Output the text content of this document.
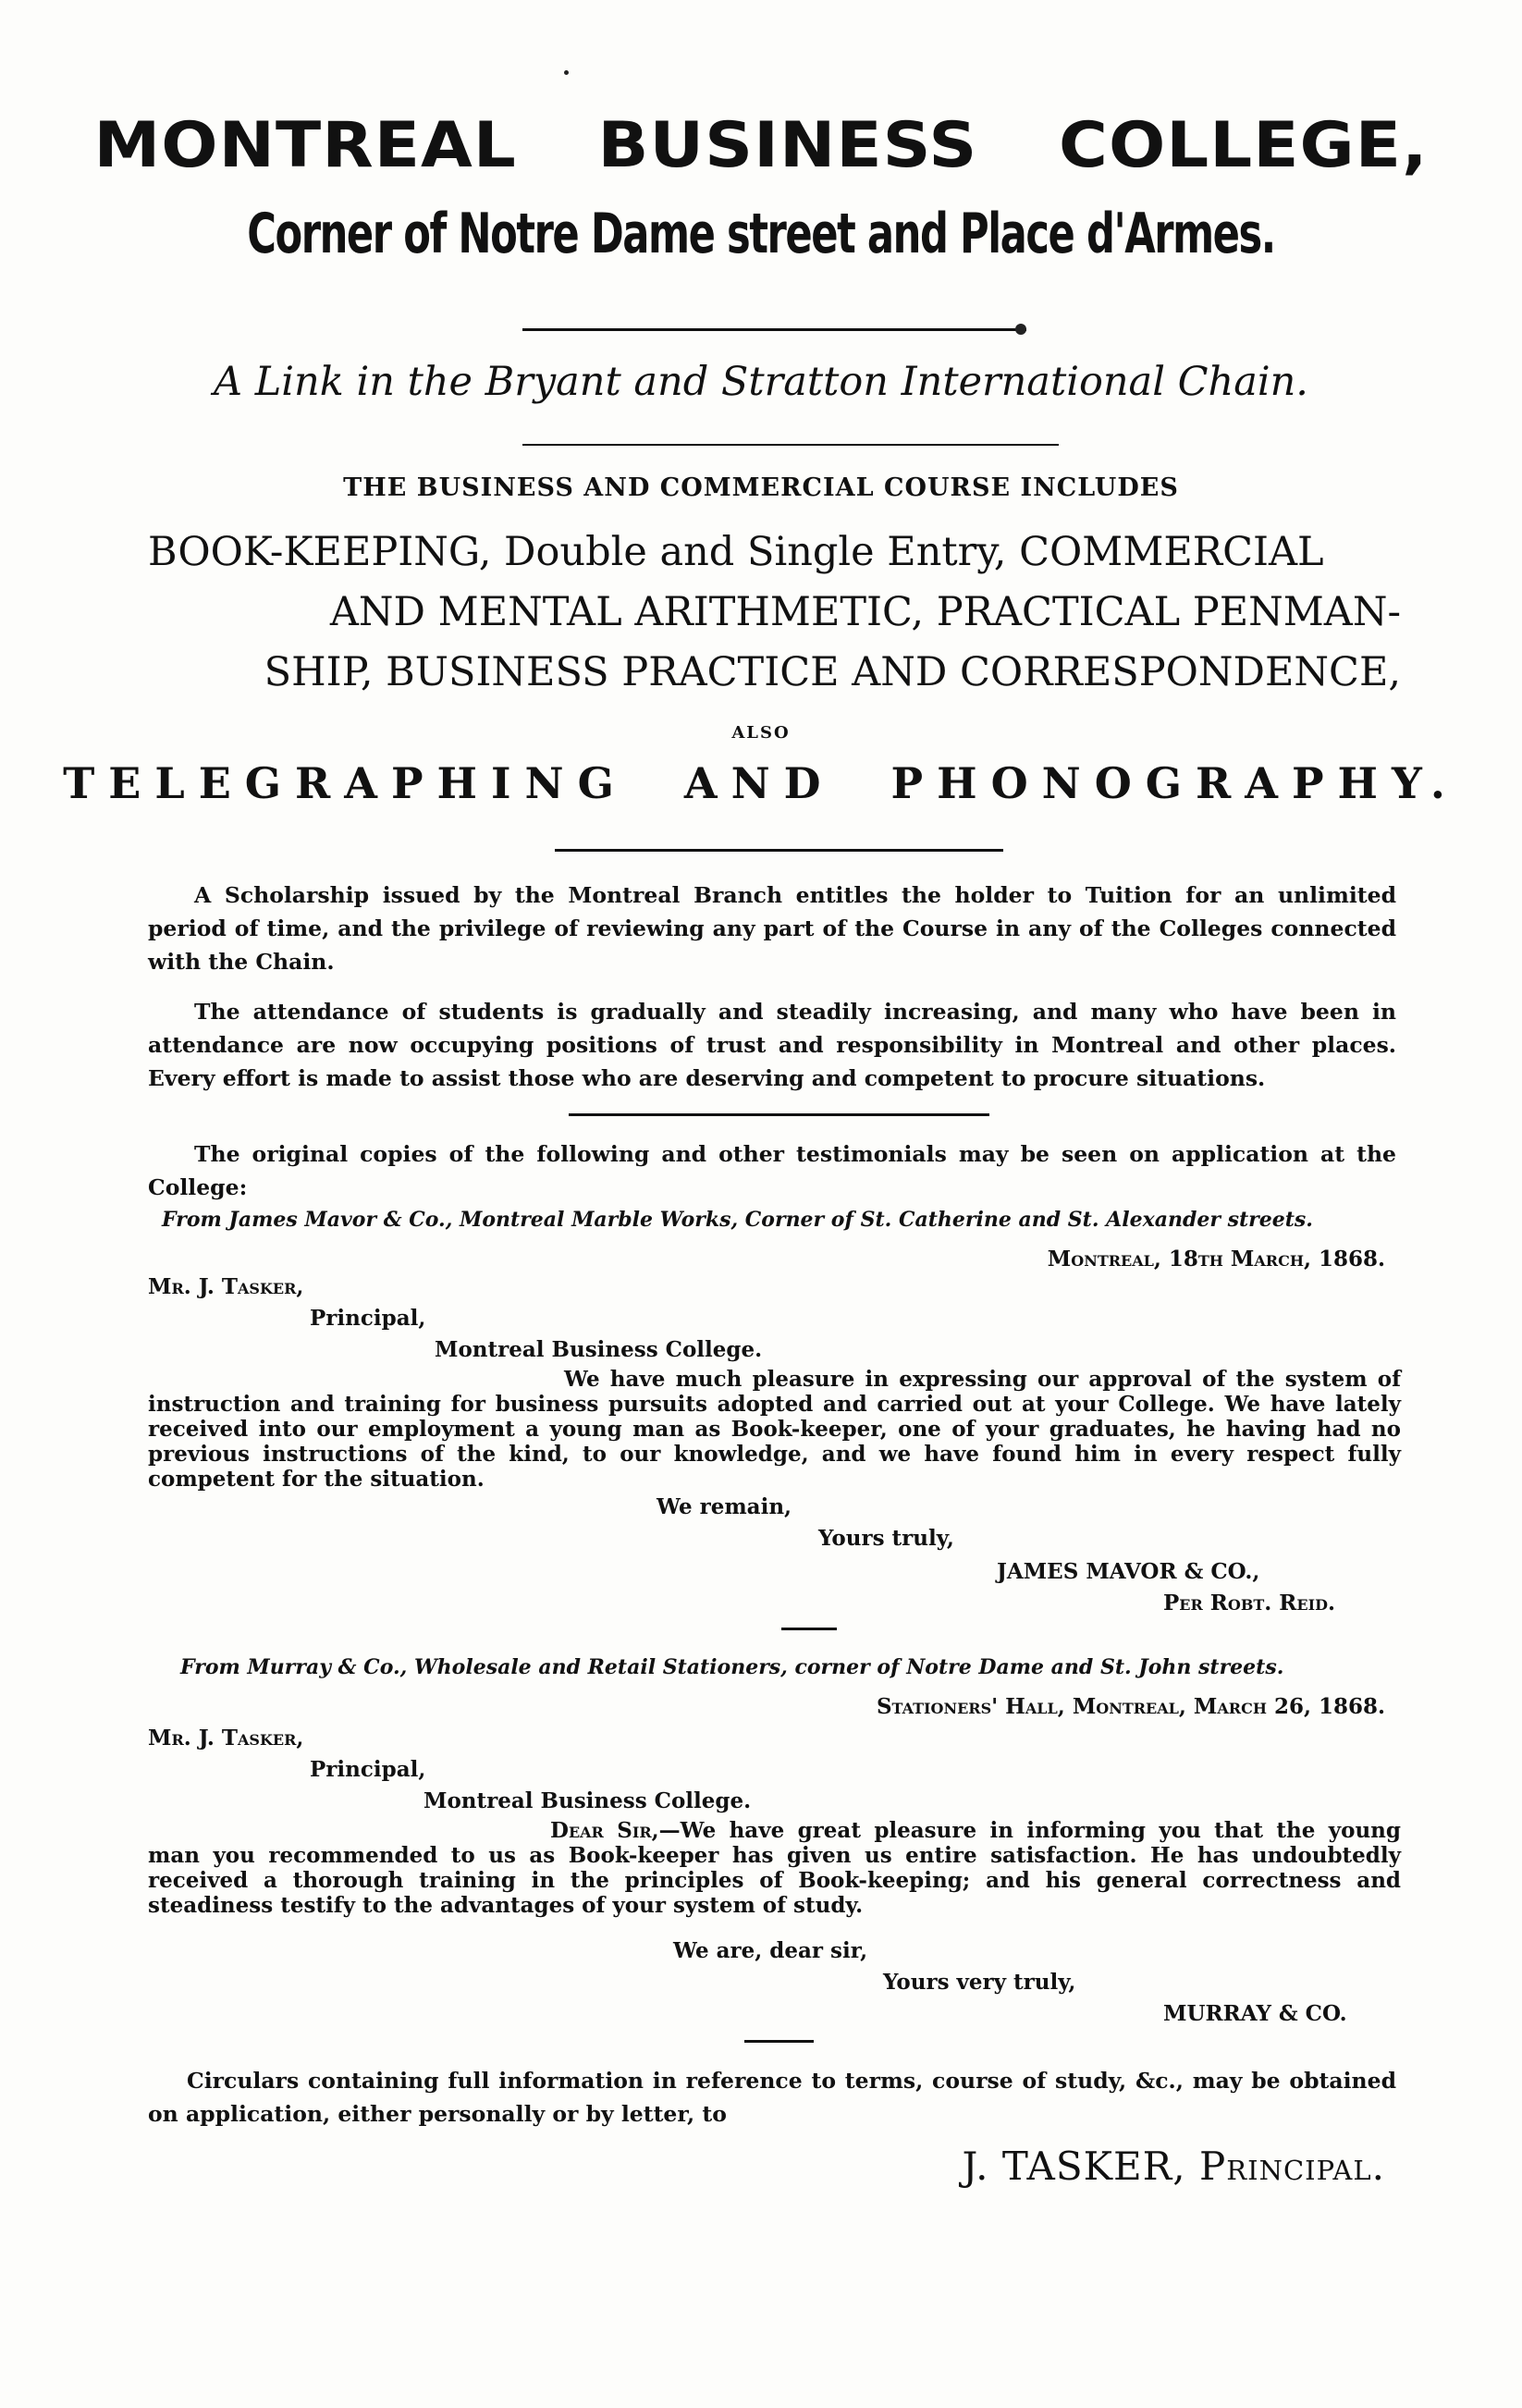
MONTREAL BUSINESS COLLEGE,
Corner of Notre Dame street and Place d'Armes.
A Link in the Bryant and Stratton International Chain.
THE BUSINESS AND COMMERCIAL COURSE INCLUDES
BOOK-KEEPING, Double and Single Entry, COMMERCIAL
AND MENTAL ARITHMETIC, PRACTICAL PENMAN-
SHIP, BUSINESS PRACTICE AND CORRESPONDENCE,
ALSO
TELEGRAPHING AND PHONOGRAPHY.
A Scholarship issued by the Montreal Branch entitles the holder to Tuition for an unlimited period of time, and the privilege of reviewing any part of the Course in any of the Colleges connected with the Chain.
The attendance of students is gradually and steadily increasing, and many who have been in attendance are now occupying positions of trust and responsibility in Montreal and other places. Every effort is made to assist those who are deserving and competent to procure situations.
The original copies of the following and other testimonials may be seen on application at the College:
From James Mavor & Co., Montreal Marble Works, Corner of St. Catherine and St. Alexander streets.
Montreal, 18th March, 1868.
Mr. J. Tasker,
Principal,
Montreal Business College.
We have much pleasure in expressing our approval of the system of instruction and training for business pursuits adopted and carried out at your College. We have lately received into our employment a young man as Book-keeper, one of your graduates, he having had no previous instructions of the kind, to our knowledge, and we have found him in every respect fully competent for the situation.
We remain,
Yours truly,
JAMES MAVOR & CO.,
Per Robt. Reid.
From Murray & Co., Wholesale and Retail Stationers, corner of Notre Dame and St. John streets.
Stationers' Hall, Montreal, March 26, 1868.
Mr. J. Tasker,
Principal,
Montreal Business College.
Dear Sir,—We have great pleasure in informing you that the young man you recommended to us as Book-keeper has given us entire satisfaction. He has undoubtedly received a thorough training in the principles of Book-keeping; and his general correctness and steadiness testify to the advantages of your system of study.
We are, dear sir,
Yours very truly,
MURRAY & CO.
Circulars containing full information in reference to terms, course of study, &c., may be obtained on application, either personally or by letter, to
J. TASKER, Principal.
